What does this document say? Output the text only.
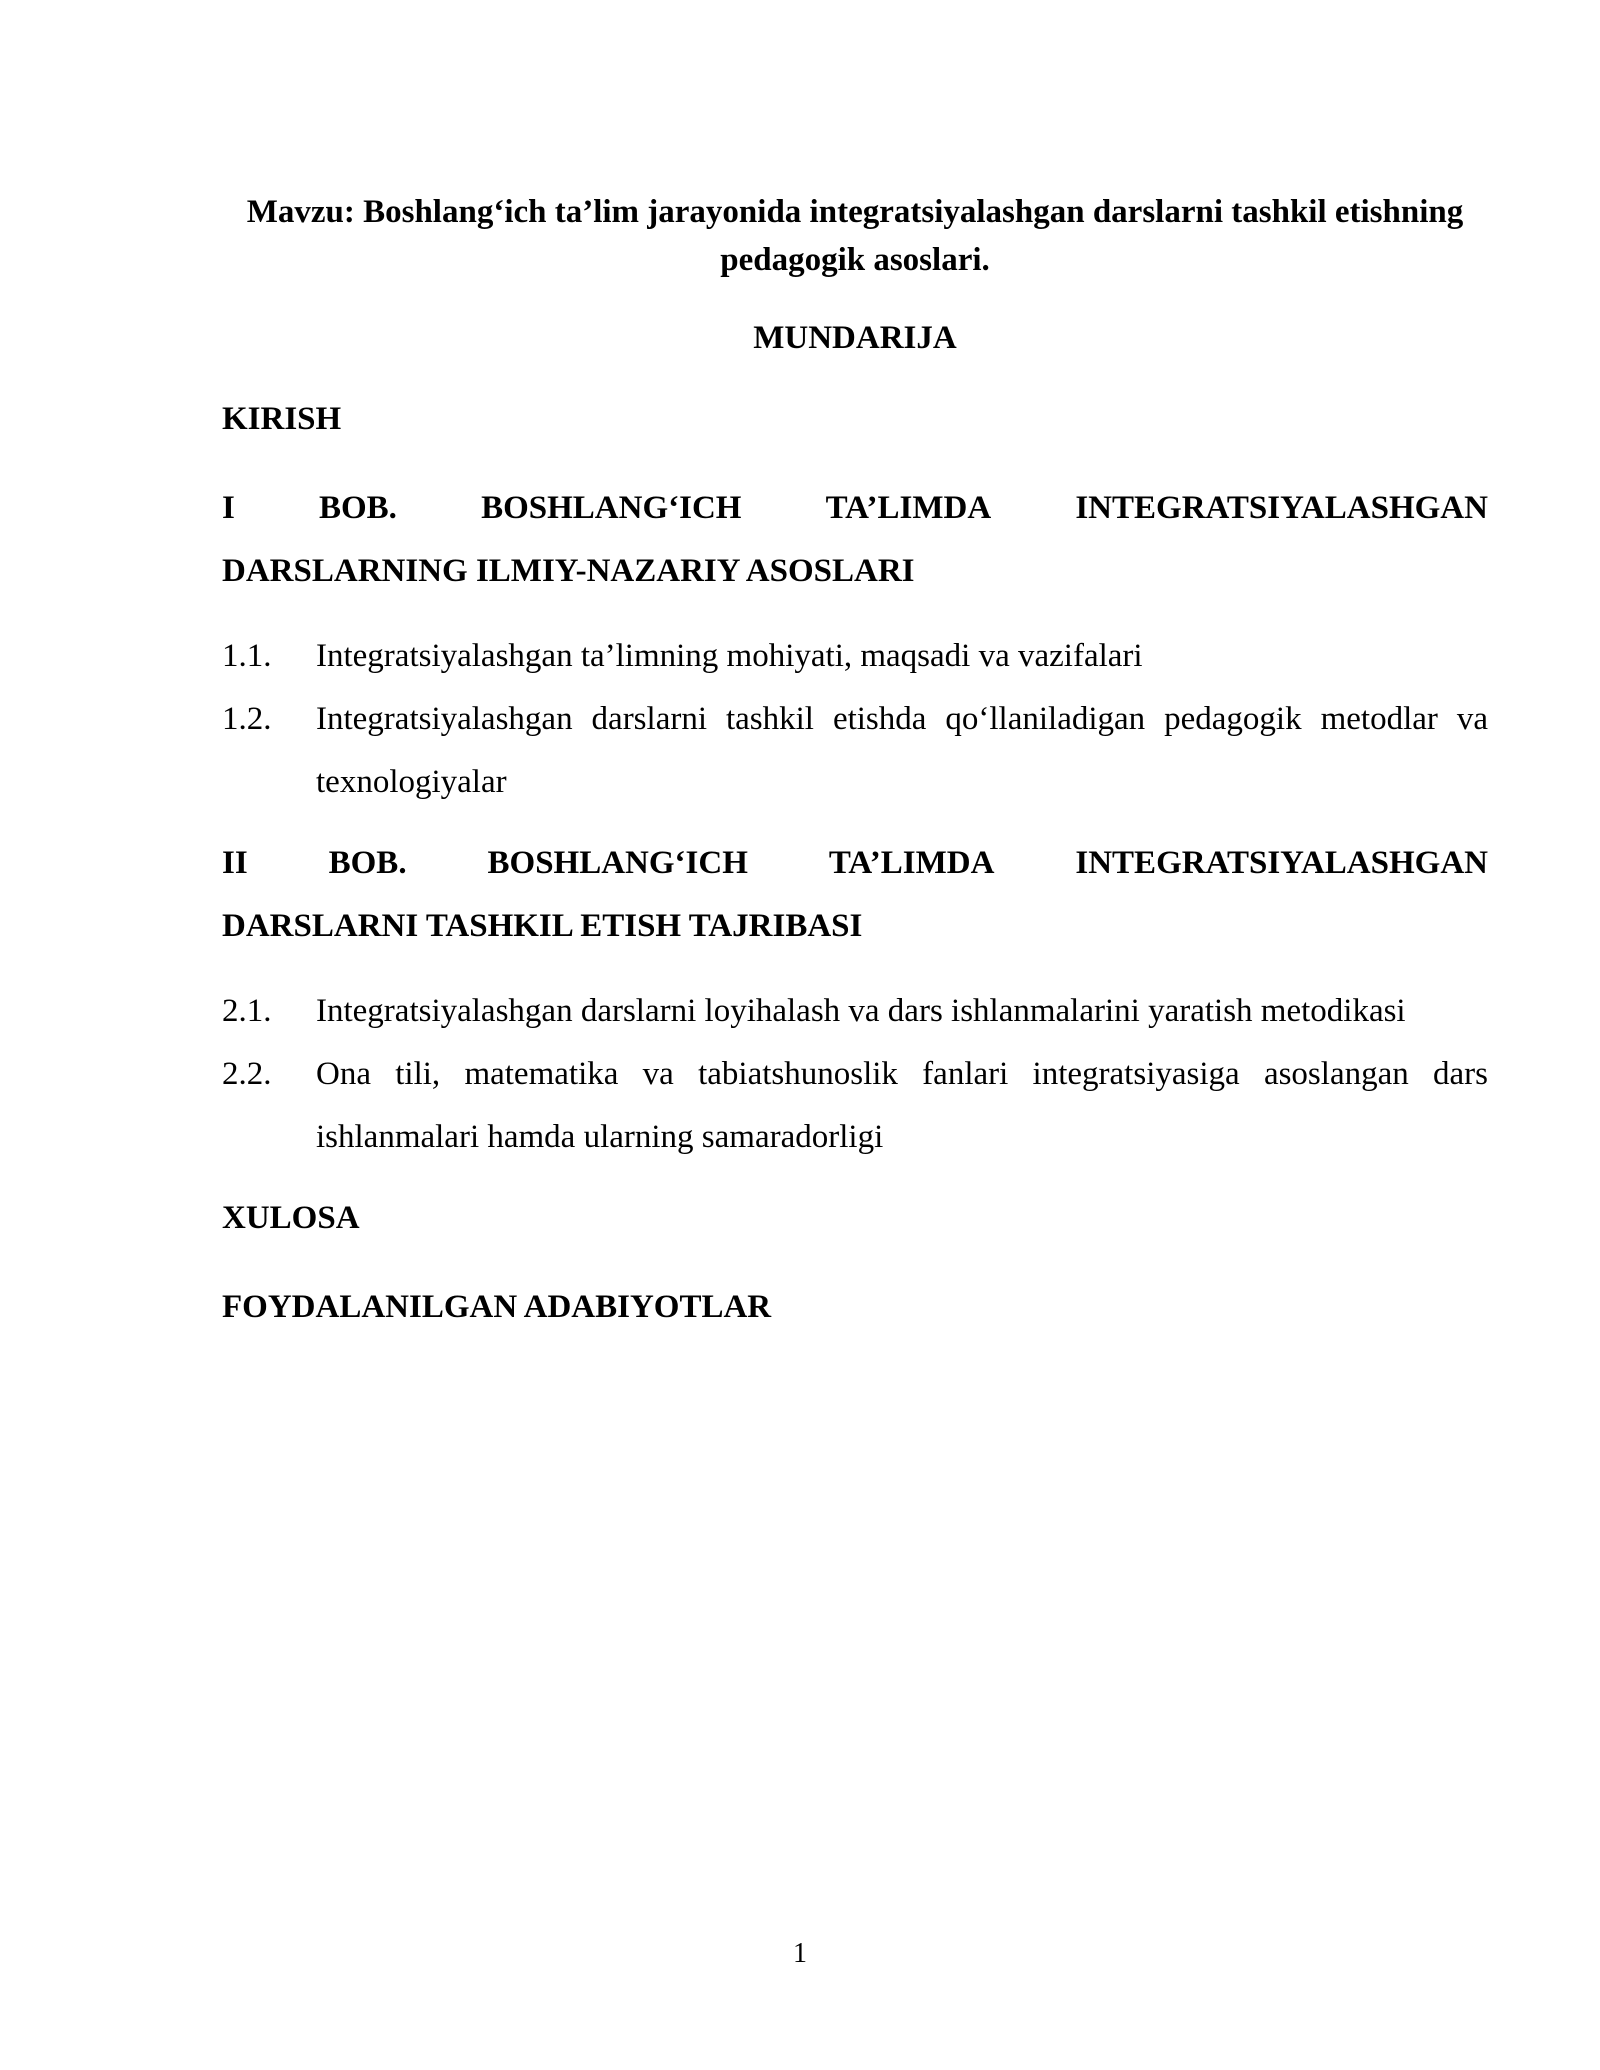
Mavzu: Boshlang‘ich ta’lim jarayonida integratsiyalashgan darslarni tashkil etishning pedagogik asoslari.
MUNDARIJA
KIRISH
I	BOB.	BOSHLANG‘ICH	TA’LIMDA	INTEGRATSIYALASHGAN
DARSLARNING ILMIY-NAZARIY ASOSLARI
1.1.	Integratsiyalashgan ta’limning mohiyati, maqsadi va vazifalari
1.2.	Integratsiyalashgan darslarni tashkil etishda qo‘llaniladigan pedagogik metodlar va texnologiyalar
II BOB. BOSHLANG‘ICH TA’LIMDA INTEGRATSIYALASHGAN
DARSLARNI TASHKIL ETISH TAJRIBASI
2.1.	Integratsiyalashgan darslarni loyihalash va dars ishlanmalarini yaratish metodikasi
2.2.	Ona tili, matematika va tabiatshunoslik fanlari integratsiyasiga asoslangan dars ishlanmalari hamda ularning samaradorligi
XULOSA
FOYDALANILGAN ADABIYOTLAR
1
